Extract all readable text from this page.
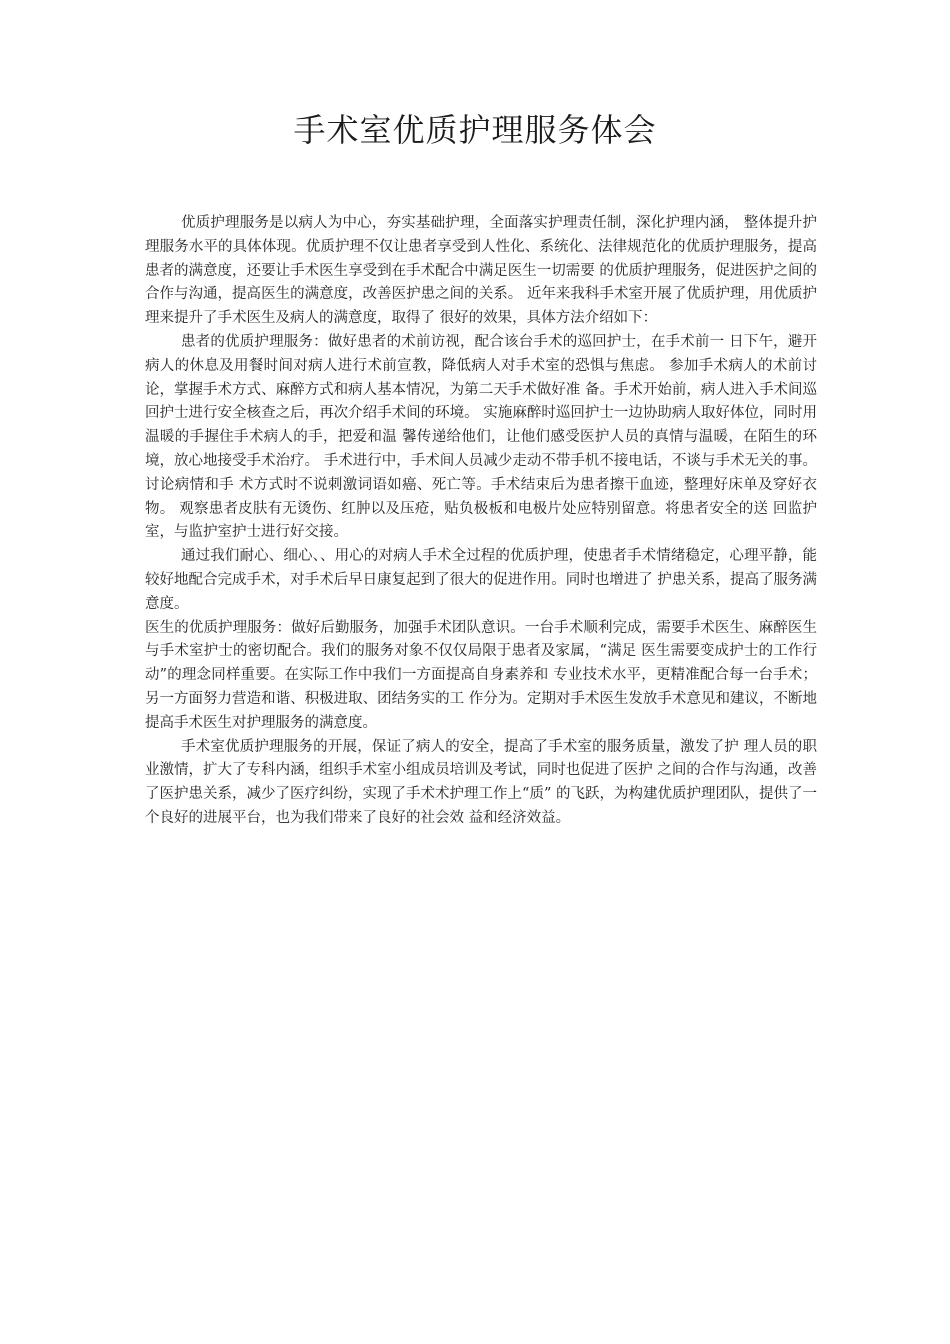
手术室优质护理服务体会

优质护理服务是以病人为中心，夯实基础护理，全面落实护理责任制，深化护理内涵， 整体提升护理服务水平的具体体现。优质护理不仅让患者享受到人性化、系统化、法律规范化的优质护理服务，提高患者的满意度，还要让手术医生享受到在手术配合中满足医生一切需要 的优质护理服务，促进医护之间的合作与沟通，提高医生的满意度，改善医护患之间的关系。 近年来我科手术室开展了优质护理，用优质护理来提升了手术医生及病人的满意度，取得了 很好的效果，具体方法介绍如下：

患者的优质护理服务：做好患者的术前访视，配合该台手术的巡回护士，在手术前一 日下午，避开病人的休息及用餐时间对病人进行术前宣教，降低病人对手术室的恐惧与焦虑。 参加手术病人的术前讨论，掌握手术方式、麻醉方式和病人基本情况，为第二天手术做好准 备。手术开始前，病人进入手术间巡回护士进行安全核查之后，再次介绍手术间的环境。 实施麻醉时巡回护士一边协助病人取好体位，同时用温暖的手握住手术病人的手，把爱和温 馨传递给他们，让他们感受医护人员的真情与温暖，在陌生的环境，放心地接受手术治疗。 手术进行中，手术间人员减少走动不带手机不接电话，不谈与手术无关的事。讨论病情和手 术方式时不说刺激词语如癌、死亡等。手术结束后为患者擦干血迹，整理好床单及穿好衣物。 观察患者皮肤有无烫伤、红肿以及压疮，贴负极板和电极片处应特别留意。将患者安全的送 回监护室，与监护室护士进行好交接。

通过我们耐心、细心、、用心的对病人手术全过程的优质护理，使患者手术情绪稳定，心理平静，能较好地配合完成手术，对手术后早日康复起到了很大的促进作用。同时也增进了 护患关系，提高了服务满意度。

医生的优质护理服务：做好后勤服务，加强手术团队意识。一台手术顺利完成，需要手术医生、麻醉医生与手术室护士的密切配合。我们的服务对象不仅仅局限于患者及家属，“满足 医生需要变成护士的工作行动”的理念同样重要。在实际工作中我们一方面提高自身素养和 专业技术水平，更精准配合每一台手术；另一方面努力营造和谐、积极进取、团结务实的工 作分为。定期对手术医生发放手术意见和建议，不断地提高手术医生对护理服务的满意度。

手术室优质护理服务的开展，保证了病人的安全，提高了手术室的服务质量，激发了护 理人员的职业激情，扩大了专科内涵，组织手术室小组成员培训及考试，同时也促进了医护 之间的合作与沟通，改善了医护患关系，减少了医疗纠纷，实现了手术术护理工作上“质” 的飞跃，为构建优质护理团队，提供了一个良好的进展平台，也为我们带来了良好的社会效 益和经济效益。
